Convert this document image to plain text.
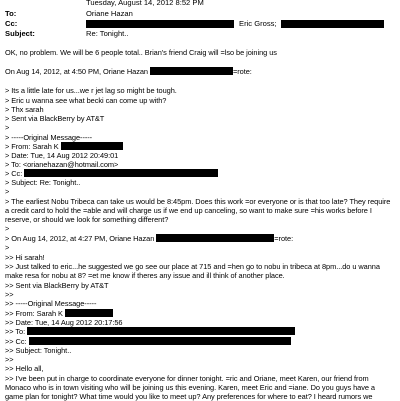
Tuesday, August 14, 2012 8:52 PM
To:	Oriane Hazan
Cc:	Eric Gross;
Subject:	Re: Tonight..
OK, no problem. We will be 6 people total.. Brian's friend Craig will =lso be joining us
On Aug 14, 2012, at 4:50 PM, Oriane Hazan	=rote:
> Its a little late for us...we r jet lag so might be tough.
> Eric u wanna see what becki can come up with?
> Thx sarah
> Sent via BlackBerry by AT&T
>
> -----Original Message-----
> From: Sarah K
> Date: Tue, 14 Aug 2012 20:49:01
> To: <orianehazan@hotmail.com>
> Cc:
> Subject: Re: Tonight..
>
> The earliest Nobu Tribeca can take us would be 8:45pm. Does this work =or everyone or is that too late? They require
a credit card to hold the =able and will charge us if we end up canceling, so want to make sure =his works before I
reserve, or should we look for something different?
>
> On Aug 14, 2012, at 4:27 PM, Oriane Hazan	=rote:
>
>> Hi sarah!
>> Just talked to eric...he suggested we go see our place at 715 and =hen go to nobu in tribeca at 8pm...do u wanna
make resa for nobu at 8? =et me know if theres any issue and ill think of another place.
>> Sent via BlackBerry by AT&T
>>
>> -----Original Message-----
>> From: Sarah K
>> Date: Tue, 14 Aug 2012 20:17:56
>> To:
>> Cc:
>> Subject: Tonight..
>>
>> Hello all,
>> I've been put in charge to coordinate everyone for dinner tonight. =ric and Oriane, meet Karen, our friend from
Monaco who is in town visiting who will be joining us this evening. Karen, meet Eric and =iane. Do you guys have a
game plan for tonight? What time would you like to meet up? Any preferences for where to eat? I heard rumors we
